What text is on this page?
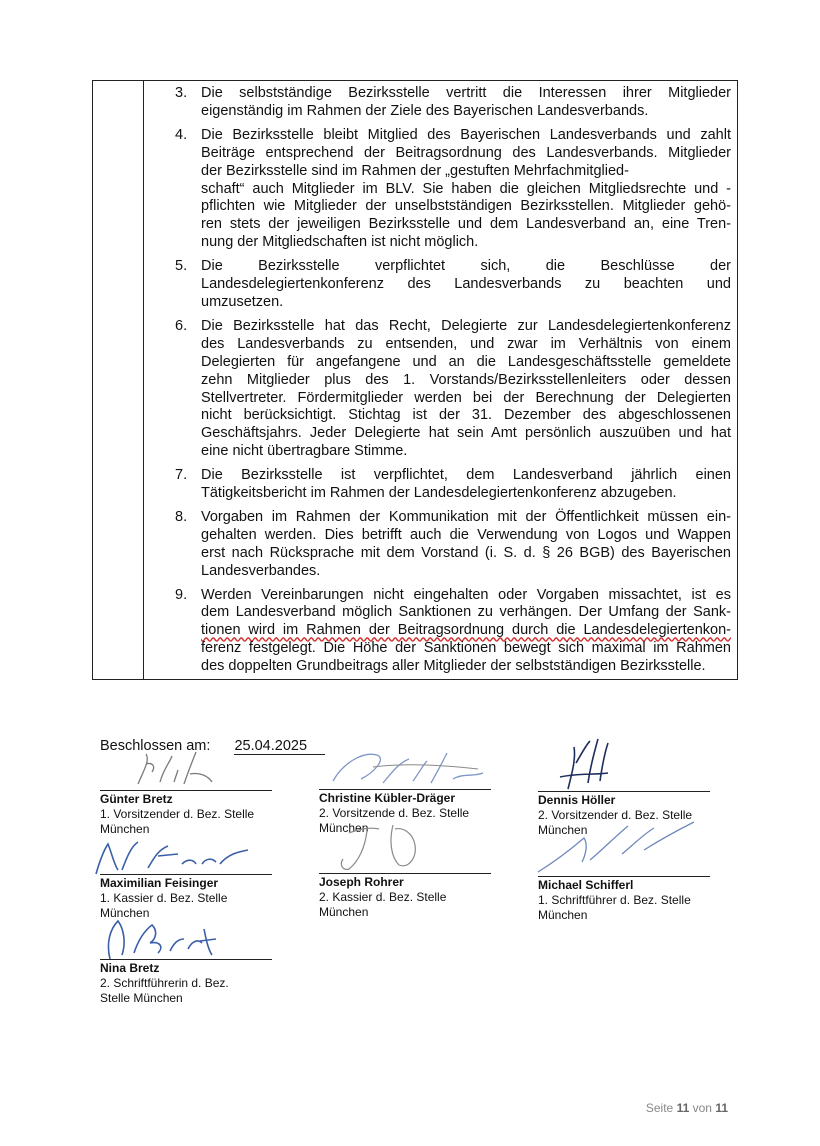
3. Die selbstständige Bezirksstelle vertritt die Interessen ihrer Mitglieder
eigenständig im Rahmen der Ziele des Bayerischen Landesverbands.
4. Die Bezirksstelle bleibt Mitglied des Bayerischen Landesverbands und zahlt
Beiträge entsprechend der Beitragsordnung des Landesverbands. Mitglieder
der Bezirksstelle sind im Rahmen der „gestuften Mehrfachmitglied-
schaft“ auch Mitglieder im BLV. Sie haben die gleichen Mitgliedsrechte und -
pflichten wie Mitglieder der unselbstständigen Bezirksstellen. Mitglieder gehö-
ren stets der jeweiligen Bezirksstelle und dem Landesverband an, eine Tren-
nung der Mitgliedschaften ist nicht möglich.
5. Die Bezirksstelle verpflichtet sich, die Beschlüsse der
Landesdelegiertenkonferenz des Landesverbands zu beachten und
umzusetzen.
6. Die Bezirksstelle hat das Recht, Delegierte zur Landesdelegiertenkonferenz
des Landesverbands zu entsenden, und zwar im Verhältnis von einem
Delegierten für angefangene und an die Landesgeschäftsstelle gemeldete
zehn Mitglieder plus des 1. Vorstands/Bezirksstellenleiters oder dessen
Stellvertreter. Fördermitglieder werden bei der Berechnung der Delegierten
nicht berücksichtigt. Stichtag ist der 31. Dezember des abgeschlossenen
Geschäftsjahrs. Jeder Delegierte hat sein Amt persönlich auszuüben und hat
eine nicht übertragbare Stimme.
7. Die Bezirksstelle ist verpflichtet, dem Landesverband jährlich einen
Tätigkeitsbericht im Rahmen der Landesdelegiertenkonferenz abzugeben.
8. Vorgaben im Rahmen der Kommunikation mit der Öffentlichkeit müssen ein-
gehalten werden. Dies betrifft auch die Verwendung von Logos und Wappen
erst nach Rücksprache mit dem Vorstand (i. S. d. § 26 BGB) des Bayerischen
Landesverbandes.
9. Werden Vereinbarungen nicht eingehalten oder Vorgaben missachtet, ist es
dem Landesverband möglich Sanktionen zu verhängen. Der Umfang der Sank-
tionen wird im Rahmen der Beitragsordnung durch die Landesdelegiertenkon-
ferenz festgelegt. Die Höhe der Sanktionen bewegt sich maximal im Rahmen
des doppelten Grundbeitrags aller Mitglieder der selbstständigen Bezirksstelle.
Beschlossen am: 25.04.2025
Günter Bretz
1. Vorsitzender d. Bez. Stelle
München
Christine Kübler-Dräger
2. Vorsitzende d. Bez. Stelle
München
Dennis Höller
2. Vorsitzender d. Bez. Stelle
München
Maximilian Feisinger
1. Kassier d. Bez. Stelle
München
Joseph Rohrer
2. Kassier d. Bez. Stelle
München
Michael Schifferl
1. Schriftführer d. Bez. Stelle
München
Nina Bretz
2. Schriftführerin d. Bez.
Stelle München
Seite 11 von 11
